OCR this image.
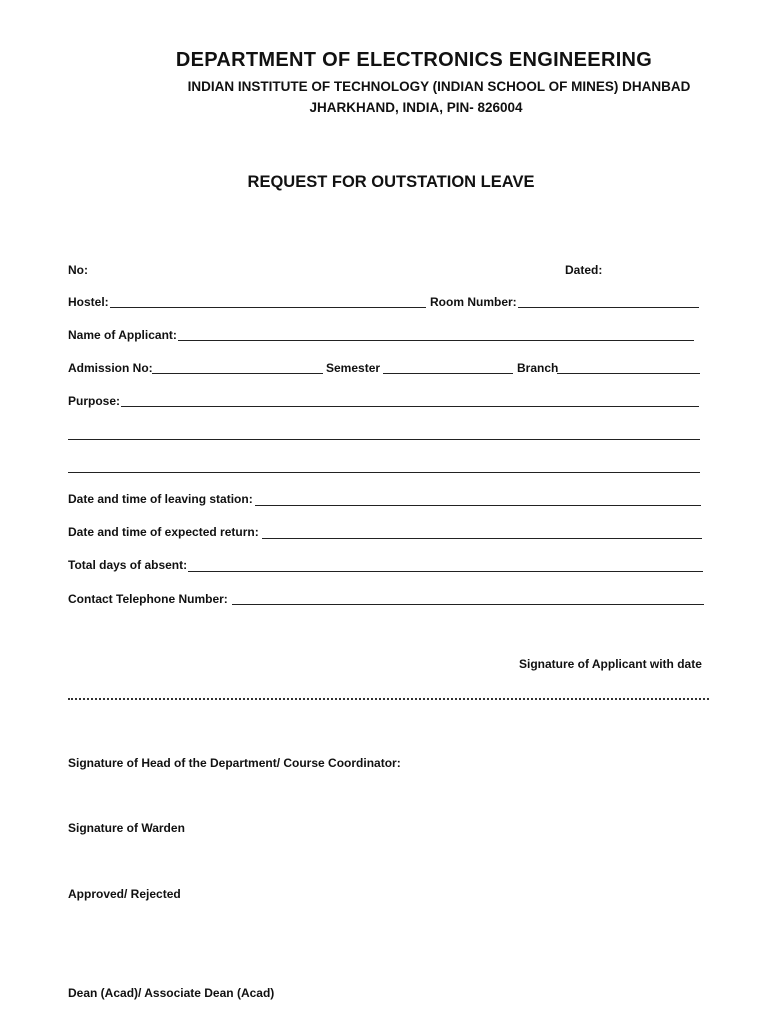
DEPARTMENT OF ELECTRONICS ENGINEERING
INDIAN INSTITUTE OF TECHNOLOGY (INDIAN SCHOOL OF MINES) DHANBAD
JHARKHAND, INDIA, PIN- 826004
REQUEST FOR OUTSTATION LEAVE
No:	Dated:
Hostel:	Room Number:
Name of Applicant:
Admission No:	Semester	Branch
Purpose:
Date and time of leaving station:
Date and time of expected return:
Total days of absent:
Contact Telephone Number:
Signature of Applicant with date
Signature of Head of the Department/ Course Coordinator:
Signature of Warden
Approved/ Rejected
Dean (Acad)/ Associate Dean (Acad)
